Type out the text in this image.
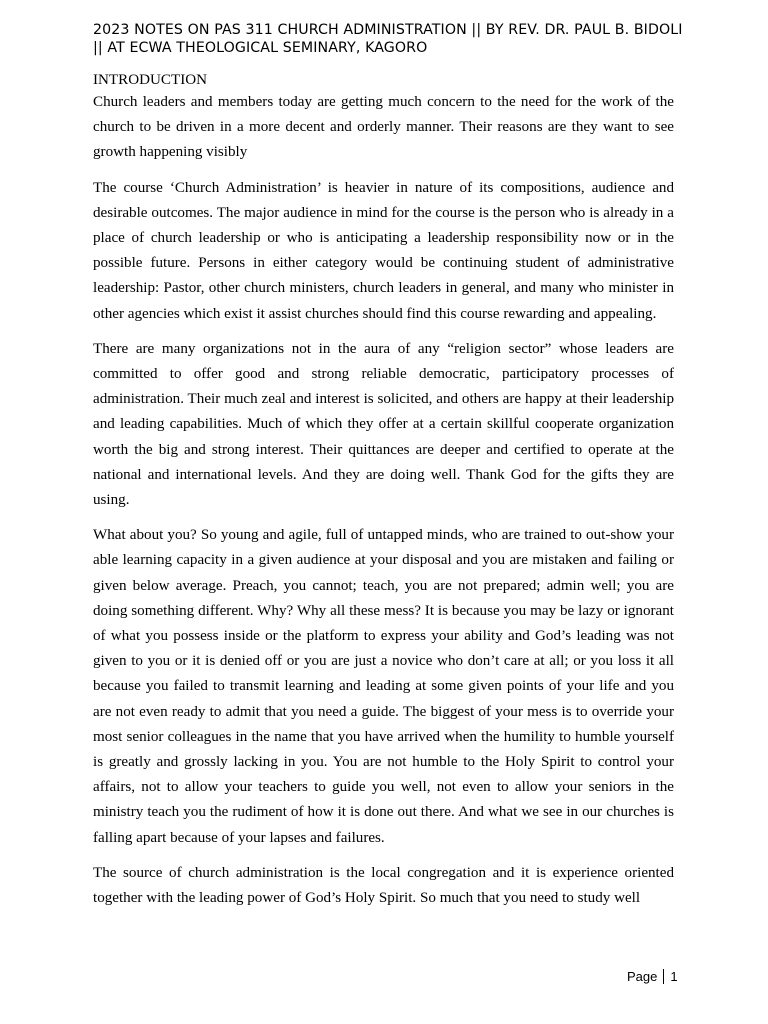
2023 NOTES ON PAS 311 CHURCH ADMINISTRATION || BY REV. DR. PAUL B. BIDOLI || AT ECWA THEOLOGICAL SEMINARY, KAGORO
INTRODUCTION

Church leaders and members today are getting much concern to the need for the work of the church to be driven in a more decent and orderly manner. Their reasons are they want to see growth happening visibly

The course ‘Church Administration’ is heavier in nature of its compositions, audience and desirable outcomes. The major audience in mind for the course is the person who is already in a place of church leadership or who is anticipating a leadership responsibility now or in the possible future. Persons in either category would be continuing student of administrative leadership: Pastor, other church ministers, church leaders in general, and many who minister in other agencies which exist it assist churches should find this course rewarding and appealing.

There are many organizations not in the aura of any “religion sector” whose leaders are committed to offer good and strong reliable democratic, participatory processes of administration. Their much zeal and interest is solicited, and others are happy at their leadership and leading capabilities. Much of which they offer at a certain skillful cooperate organization worth the big and strong interest. Their quittances are deeper and certified to operate at the national and international levels. And they are doing well. Thank God for the gifts they are using.

What about you? So young and agile, full of untapped minds, who are trained to out-show your able learning capacity in a given audience at your disposal and you are mistaken and failing or given below average. Preach, you cannot; teach, you are not prepared; admin well; you are doing something different. Why? Why all these mess? It is because you may be lazy or ignorant of what you possess inside or the platform to express your ability and God’s leading was not given to you or it is denied off or you are just a novice who don’t care at all; or you loss it all because you failed to transmit learning and leading at some given points of your life and you are not even ready to admit that you need a guide. The biggest of your mess is to override your most senior colleagues in the name that you have arrived when the humility to humble yourself is greatly and grossly lacking in you. You are not humble to the Holy Spirit to control your affairs, not to allow your teachers to guide you well, not even to allow your seniors in the ministry teach you the rudiment of how it is done out there. And what we see in our churches is falling apart because of your lapses and failures.

The source of church administration is the local congregation and it is experience oriented together with the leading power of God’s Holy Spirit. So much that you need to study well

Page 1
